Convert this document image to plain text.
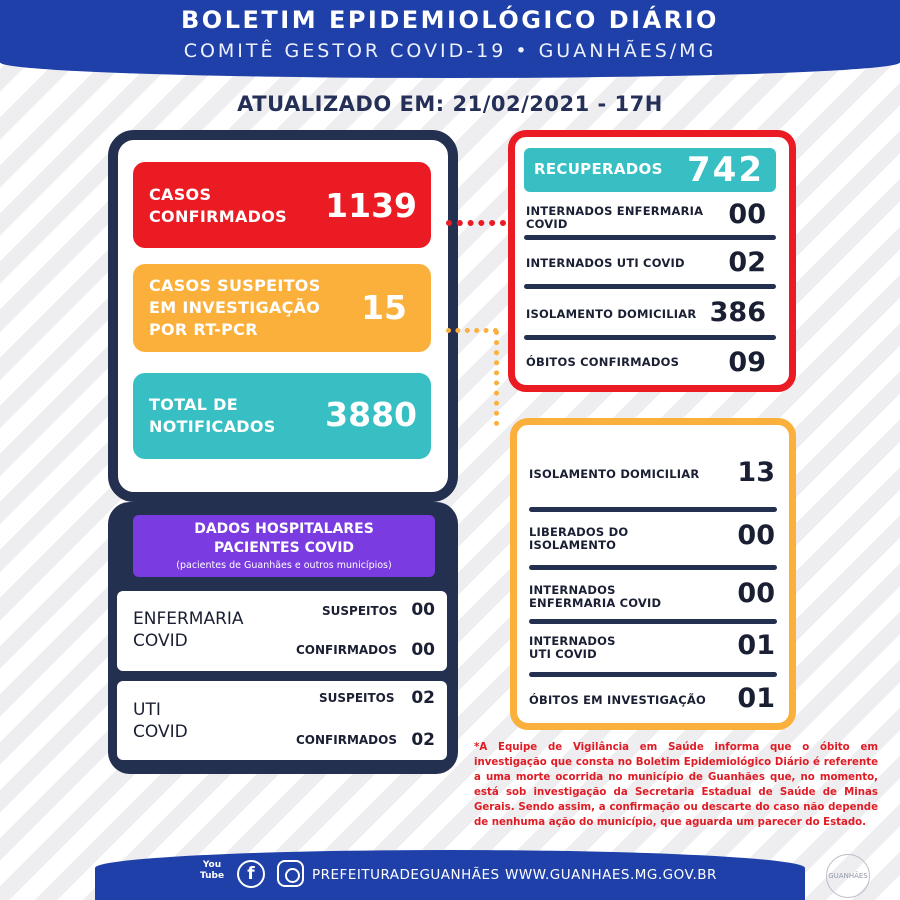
BOLETIM EPIDEMIOLÓGICO DIÁRIO
COMITÊ GESTOR COVID-19 • GUANHÃES/MG
ATUALIZADO EM: 21/02/2021 - 17H
CASOS
CONFIRMADOS 1139
CASOS SUSPEITOS
EM INVESTIGAÇÃO
POR RT-PCR
15
TOTAL DE
NOTIFICADOS 3880
DADOS HOSPITALARES
PACIENTES COVID
(pacientes de Guanhães e outros municípios)
ENFERMARIA
COVID
SUSPEITOS 00
CONFIRMADOS 00
UTI
COVID
SUSPEITOS 02
CONFIRMADOS 02
RECUPERADOS 742
INTERNADOS ENFERMARIA
COVID	00
INTERNADOS UTI COVID 02
ISOLAMENTO DOMICILIAR 386
ÓBITOS CONFIRMADOS 09
ISOLAMENTO DOMICILIAR 13
LIBERADOS DO
ISOLAMENTO	00
INTERNADOS
ENFERMARIA COVID	00
INTERNADOS
UTI COVID	01
ÓBITOS EM INVESTIGAÇÃO 01
*A Equipe de Vigilância em Saúde informa que o óbito em investigação que consta no Boletim Epidemiológico Diário é referente a uma morte ocorrida no município de Guanhães que, no momento, está sob investigação da Secretaria Estadual de Saúde de Minas Gerais. Sendo assim, a confirmação ou descarte do caso não depende de nenhuma ação do município, que aguarda um parecer do Estado.
You Tube	f	PREFEITURADEGUANHÃES WWW.GUANHAES.MG.GOV.BR	GUANHÃES
